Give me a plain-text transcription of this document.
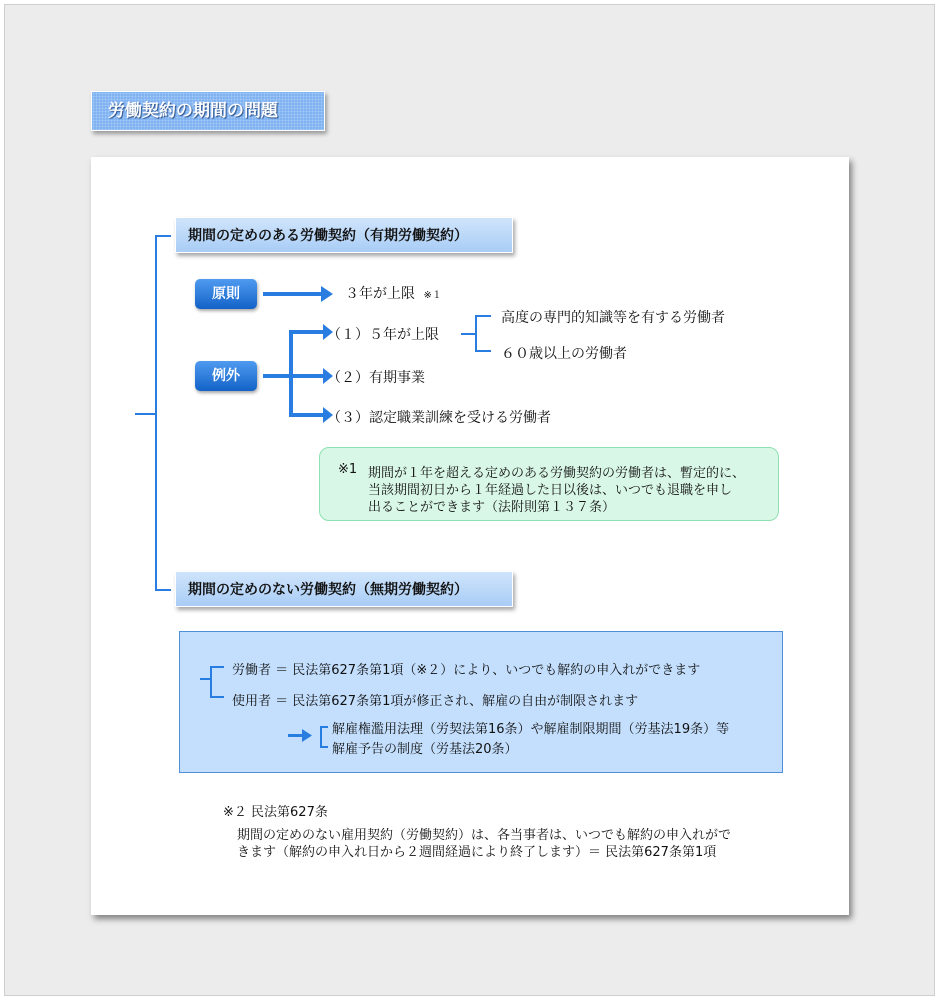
労働契約の期間の問題
期間の定めのある労働契約（有期労働契約）
原則	３年が上限 ※１
例外
（１）５年が上限
（２）有期事業
（３）認定職業訓練を受ける労働者
高度の専門的知識等を有する労働者
６０歳以上の労働者
※1 期間が１年を超える定めのある労働契約の労働者は、暫定的に、
当該期間初日から１年経過した日以後は、いつでも退職を申し
出ることができます（法附則第１３７条）
期間の定めのない労働契約（無期労働契約）
労働者 ＝ 民法第627条第1項（※２）により、いつでも解約の申入れができます
使用者 ＝ 民法第627条第1項が修正され、解雇の自由が制限されます
解雇権濫用法理（労契法第16条）や解雇制限期間（労基法19条）等
解雇予告の制度（労基法20条）
※２ 民法第627条
期間の定めのない雇用契約（労働契約）は、各当事者は、いつでも解約の申入れがで
きます（解約の申入れ日から２週間経過により終了します）＝ 民法第627条第1項
